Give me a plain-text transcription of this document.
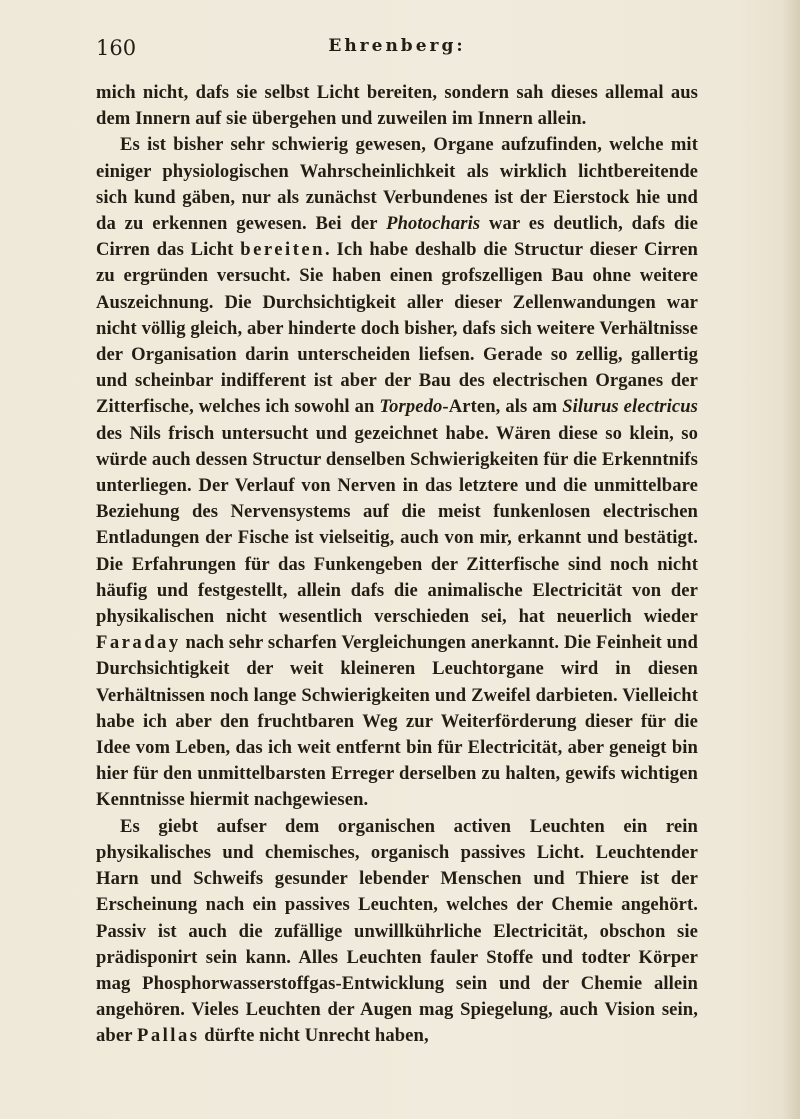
160	Ehrenberg:

mich nicht, dafs sie selbst Licht bereiten, sondern sah dieses allemal aus dem Innern auf sie übergehen und zuweilen im Innern allein.

Es ist bisher sehr schwierig gewesen, Organe aufzufinden, welche mit einiger physiologischen Wahrscheinlichkeit als wirklich lichtbereitende sich kund gäben, nur als zunächst Verbundenes ist der Eierstock hie und da zu erkennen gewesen. Bei der Photocharis war es deutlich, dafs die Cirren das Licht bereiten. Ich habe deshalb die Structur dieser Cirren zu ergründen versucht. Sie haben einen grofszelligen Bau ohne weitere Auszeichnung. Die Durchsichtigkeit aller dieser Zellenwandungen war nicht völlig gleich, aber hinderte doch bisher, dafs sich weitere Verhältnisse der Organisation darin unterscheiden liefsen. Gerade so zellig, gallertig und scheinbar indifferent ist aber der Bau des electrischen Organes der Zitterfische, welches ich sowohl an Torpedo-Arten, als am Silurus electricus des Nils frisch untersucht und gezeichnet habe. Wären diese so klein, so würde auch dessen Structur denselben Schwierigkeiten für die Erkenntnifs unterliegen. Der Verlauf von Nerven in das letztere und die unmittelbare Beziehung des Nervensystems auf die meist funkenlosen electrischen Entladungen der Fische ist vielseitig, auch von mir, erkannt und bestätigt. Die Erfahrungen für das Funkengeben der Zitterfische sind noch nicht häufig und festgestellt, allein dafs die animalische Electricität von der physikalischen nicht wesentlich verschieden sei, hat neuerlich wieder Faraday nach sehr scharfen Vergleichungen anerkannt. Die Feinheit und Durchsichtigkeit der weit kleineren Leuchtorgane wird in diesen Verhältnissen noch lange Schwierigkeiten und Zweifel darbieten. Vielleicht habe ich aber den fruchtbaren Weg zur Weiterförderung dieser für die Idee vom Leben, das ich weit entfernt bin für Electricität, aber geneigt bin hier für den unmittelbarsten Erreger derselben zu halten, gewifs wichtigen Kenntnisse hiermit nachgewiesen.

Es giebt aufser dem organischen activen Leuchten ein rein physikalisches und chemisches, organisch passives Licht. Leuchtender Harn und Schweifs gesunder lebender Menschen und Thiere ist der Erscheinung nach ein passives Leuchten, welches der Chemie angehört. Passiv ist auch die zufällige unwillkührliche Electricität, obschon sie prädisponirt sein kann. Alles Leuchten fauler Stoffe und todter Körper mag Phosphorwasserstoffgas-Entwicklung sein und der Chemie allein angehören. Vieles Leuchten der Augen mag Spiegelung, auch Vision sein, aber Pallas dürfte nicht Unrecht haben,
